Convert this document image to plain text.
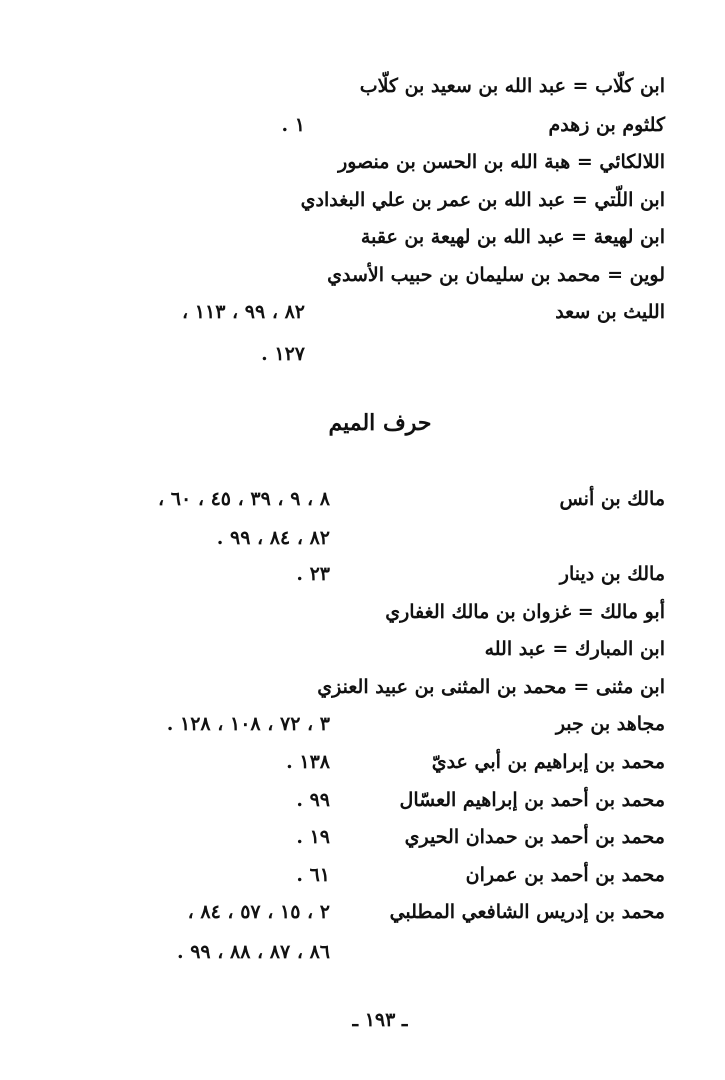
ابن كلّاب = عبد الله بن سعيد بن كلّاب
كلثوم بن زهدم
١ .
اللالكائي = هبة الله بن الحسن بن منصور
ابن اللّتي = عبد الله بن عمر بن علي البغدادي
ابن لهيعة = عبد الله بن لهيعة بن عقبة
لوين = محمد بن سليمان بن حبيب الأسدي
الليث بن سعد
٨٢ ، ٩٩ ، ١١٣ ،
١٢٧ .
حرف الميم
مالك بن أنس
٨ ، ٩ ، ٣٩ ، ٤٥ ، ٦٠ ،
٨٢ ، ٨٤ ، ٩٩ .
مالك بن دينار
٢٣ .
أبو مالك = غزوان بن مالك الغفاري
ابن المبارك = عبد الله
ابن مثنى = محمد بن المثنى بن عبيد العنزي
مجاهد بن جبر
٣ ، ٧٢ ، ١٠٨ ، ١٢٨ .
محمد بن إبراهيم بن أبي عديّ
١٣٨ .
محمد بن أحمد بن إبراهيم العسّال
٩٩ .
محمد بن أحمد بن حمدان الحيري
١٩ .
محمد بن أحمد بن عمران
٦١ .
محمد بن إدريس الشافعي المطلبي
٢ ، ١٥ ، ٥٧ ، ٨٤ ،
٨٦ ، ٨٧ ، ٨٨ ، ٩٩ .
ـ ١٩٣ ـ
